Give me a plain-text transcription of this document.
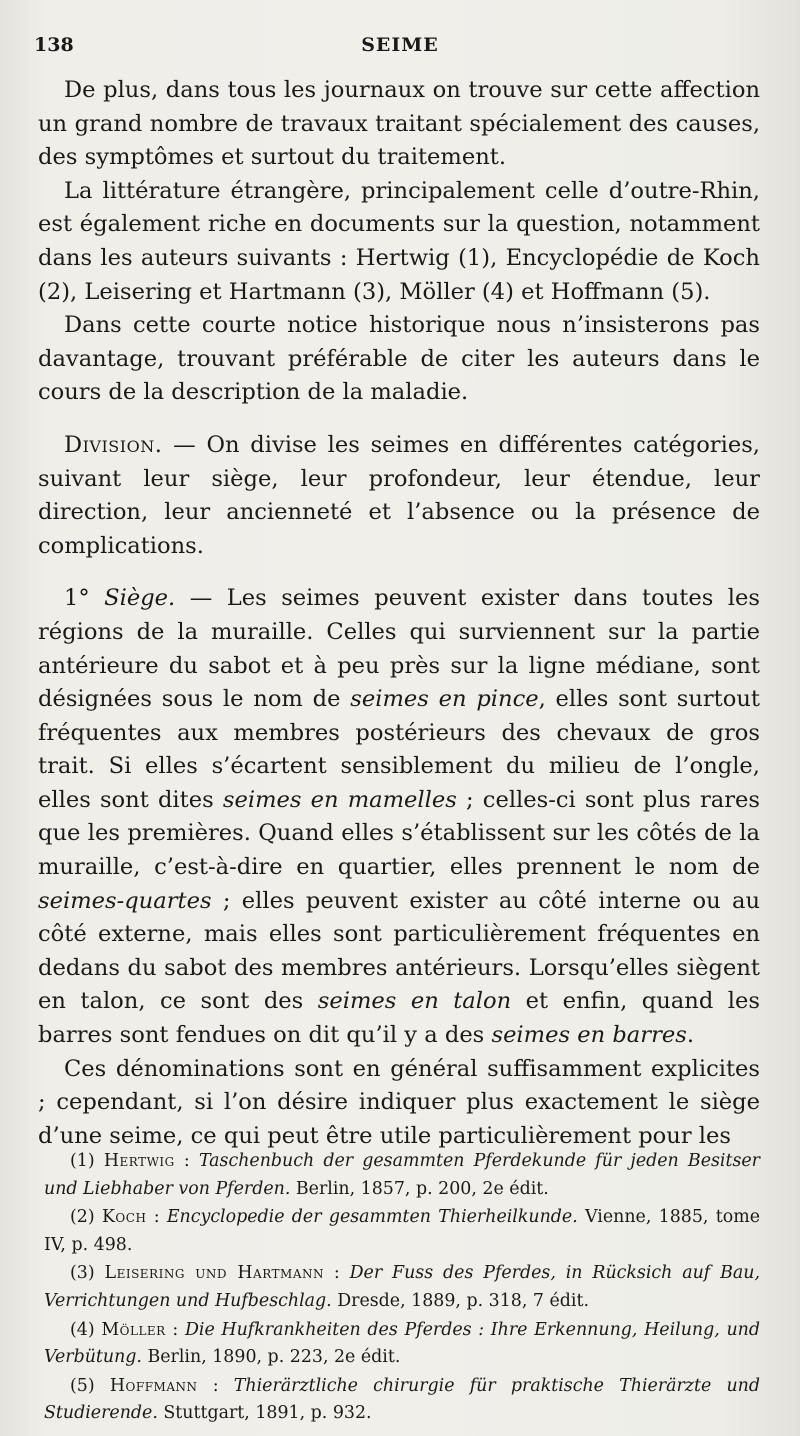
138	SEIME

De plus, dans tous les journaux on trouve sur cette affection un grand nombre de travaux traitant spécialement des causes, des symptômes et surtout du traitement.

La littérature étrangère, principalement celle d’outre-Rhin, est également riche en documents sur la question, notamment dans les auteurs suivants : Hertwig (1), Encyclopédie de Koch (2), Leisering et Hartmann (3), Möller (4) et Hoffmann (5).

Dans cette courte notice historique nous n’insisterons pas davantage, trouvant préférable de citer les auteurs dans le cours de la description de la maladie.

Division. — On divise les seimes en différentes catégories, suivant leur siège, leur profondeur, leur étendue, leur direction, leur ancienneté et l’absence ou la présence de complications.

1° Siège. — Les seimes peuvent exister dans toutes les régions de la muraille. Celles qui surviennent sur la partie antérieure du sabot et à peu près sur la ligne médiane, sont désignées sous le nom de seimes en pince, elles sont surtout fréquentes aux membres postérieurs des chevaux de gros trait. Si elles s’écartent sensiblement du milieu de l’ongle, elles sont dites seimes en mamelles ; celles-ci sont plus rares que les premières. Quand elles s’établissent sur les côtés de la muraille, c’est-à-dire en quartier, elles prennent le nom de seimes-quartes ; elles peuvent exister au côté interne ou au côté externe, mais elles sont particulièrement fréquentes en dedans du sabot des membres antérieurs. Lorsqu’elles siègent en talon, ce sont des seimes en talon et enfin, quand les barres sont fendues on dit qu’il y a des seimes en barres.

Ces dénominations sont en général suffisamment explicites ; cependant, si l’on désire indiquer plus exactement le siège d’une seime, ce qui peut être utile particulièrement pour les

(1) Hertwig : Taschenbuch der gesammten Pferdekunde für jeden Besitser und Liebhaber von Pferden. Berlin, 1857, p. 200, 2e édit.

(2) Koch : Encyclopedie der gesammten Thierheilkunde. Vienne, 1885, tome IV, p. 498.

(3) Leisering und Hartmann : Der Fuss des Pferdes, in Rücksich auf Bau, Verrichtungen und Hufbeschlag. Dresde, 1889, p. 318, 7 édit.

(4) Möller : Die Hufkrankheiten des Pferdes : Ihre Erkennung, Heilung, und Verbütung. Berlin, 1890, p. 223, 2e édit.

(5) Hoffmann : Thierärztliche chirurgie für praktische Thierärzte und Studierende. Stuttgart, 1891, p. 932.
